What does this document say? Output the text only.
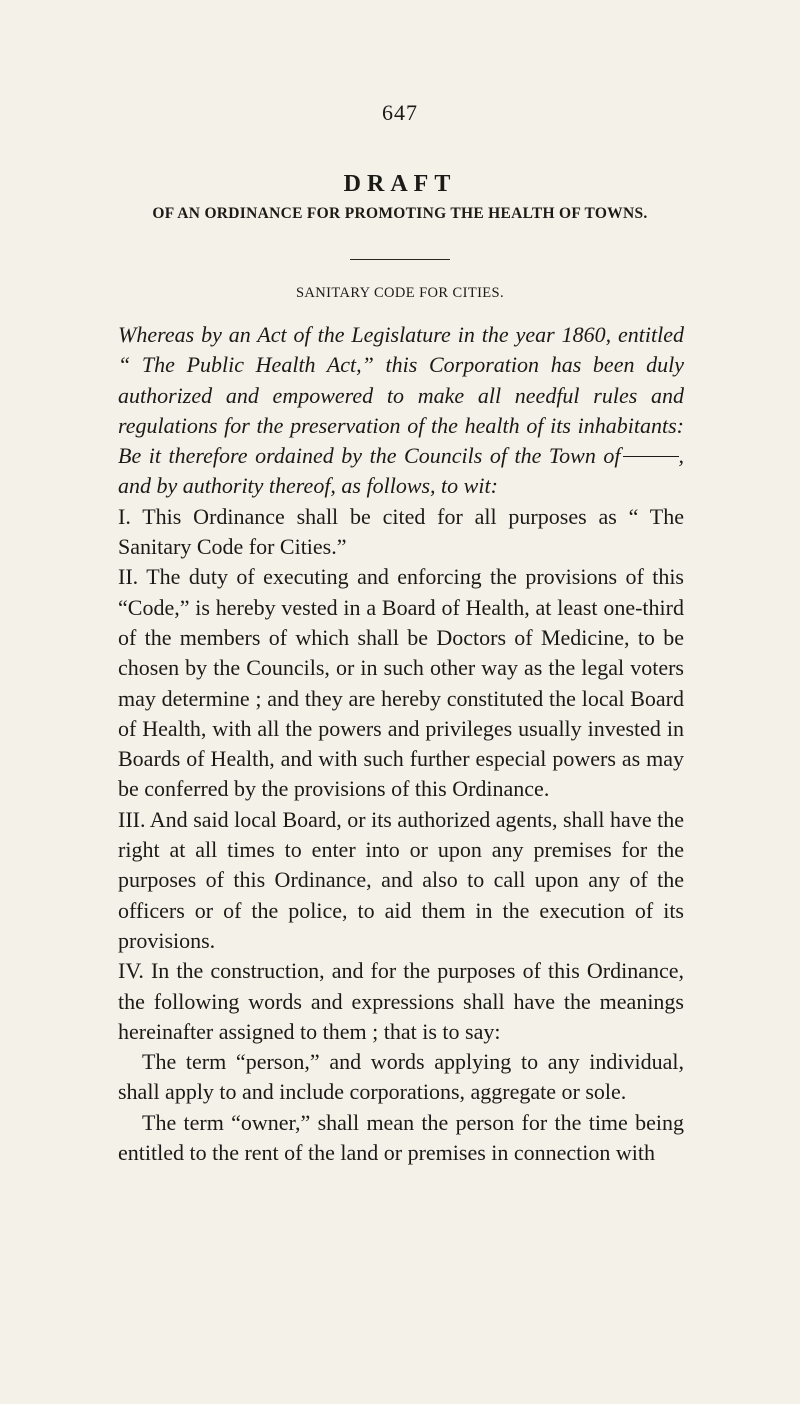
647
DRAFT
OF AN ORDINANCE FOR PROMOTING THE HEALTH OF TOWNS.
SANITARY CODE FOR CITIES.

Whereas by an Act of the Legislature in the year 1860, entitled “ The Public Health Act,” this Corporation has been duly authorized and empowered to make all needful rules and regulations for the preservation of the health of its inhabitants: Be it therefore ordained by the Councils of the Town of	, and by authority thereof, as follows, to wit:

I. This Ordinance shall be cited for all purposes as “ The Sanitary Code for Cities.”

II. The duty of executing and enforcing the provisions of this “Code,” is hereby vested in a Board of Health, at least one-third of the members of which shall be Doctors of Medicine, to be chosen by the Councils, or in such other way as the legal voters may determine ; and they are hereby constituted the local Board of Health, with all the powers and privileges usually invested in Boards of Health, and with such further especial powers as may be conferred by the provisions of this Ordinance.

III. And said local Board, or its authorized agents, shall have the right at all times to enter into or upon any premises for the purposes of this Ordinance, and also to call upon any of the officers or of the police, to aid them in the execution of its provisions.

IV. In the construction, and for the purposes of this Ordinance, the following words and expressions shall have the meanings hereinafter assigned to them ; that is to say:

The term “person,” and words applying to any individual, shall apply to and include corporations, aggregate or sole.

The term “owner,” shall mean the person for the time being entitled to the rent of the land or premises in connection with
